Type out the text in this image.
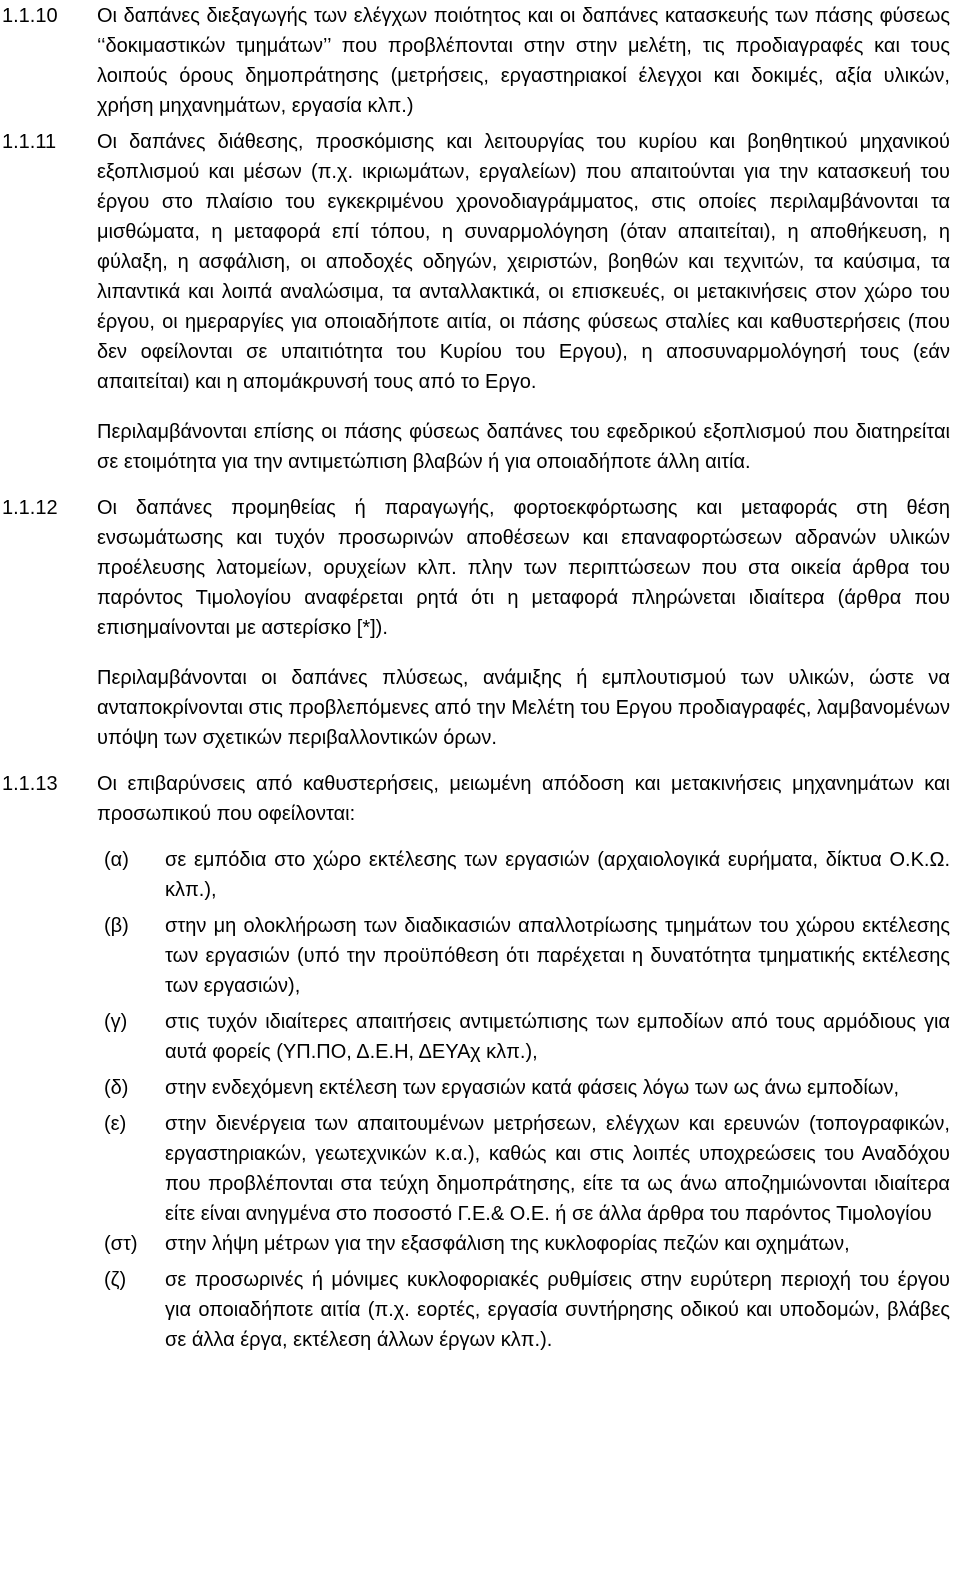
1.1.10 Οι δαπάνες διεξαγωγής των ελέγχων ποιότητος και οι δαπάνες κατασκευής των πάσης φύσεως ‘‘δοκιμαστικών τμημάτων’’ που προβλέπονται στην στην μελέτη, τις προδιαγραφές και τους λοιπούς όρους δημοπράτησης (μετρήσεις, εργαστηριακοί έλεγχοι και δοκιμές, αξία υλικών, χρήση μηχανημάτων, εργασία κλπ.)

1.1.11 Οι δαπάνες διάθεσης, προσκόμισης και λειτουργίας του κυρίου και βοηθητικού μηχανικού εξοπλισμού και μέσων (π.χ. ικριωμάτων, εργαλείων) που απαιτούνται για την κατασκευή του έργου στο πλαίσιο του εγκεκριμένου χρονοδιαγράμματος, στις οποίες περιλαμβάνονται τα μισθώματα, η μεταφορά επί τόπου, η συναρμολόγηση (όταν απαιτείται), η αποθήκευση, η φύλαξη, η ασφάλιση, οι αποδοχές οδηγών, χειριστών, βοηθών και τεχνιτών, τα καύσιμα, τα λιπαντικά και λοιπά αναλώσιμα, τα ανταλλακτικά, οι επισκευές, οι μετακινήσεις στον χώρο του έργου, οι ημεραργίες για οποιαδήποτε αιτία, οι πάσης φύσεως σταλίες και καθυστερήσεις (που δεν οφείλονται σε υπαιτιότητα του Κυρίου του Εργου), η αποσυναρμολόγησή τους (εάν απαιτείται) και η απομάκρυνσή τους από το Εργο.

Περιλαμβάνονται επίσης οι πάσης φύσεως δαπάνες του εφεδρικού εξοπλισμού που διατηρείται σε ετοιμότητα για την αντιμετώπιση βλαβών ή για οποιαδήποτε άλλη αιτία.

1.1.12 Οι δαπάνες προμηθείας ή παραγωγής, φορτοεκφόρτωσης και μεταφοράς στη θέση ενσωμάτωσης και τυχόν προσωρινών αποθέσεων και επαναφορτώσεων αδρανών υλικών προέλευσης λατομείων, ορυχείων κλπ. πλην των περιπτώσεων που στα οικεία άρθρα του παρόντος Τιμολογίου αναφέρεται ρητά ότι η μεταφορά πληρώνεται ιδιαίτερα (άρθρα που επισημαίνονται με αστερίσκο [*]).

Περιλαμβάνονται οι δαπάνες πλύσεως, ανάμιξης ή εμπλουτισμού των υλικών, ώστε να ανταποκρίνονται στις προβλεπόμενες από την Μελέτη του Εργου προδιαγραφές, λαμβανομένων υπόψη των σχετικών περιβαλλοντικών όρων.

1.1.13 Οι επιβαρύνσεις από καθυστερήσεις, μειωμένη απόδοση και μετακινήσεις μηχανημάτων και προσωπικού που οφείλονται:

(α) σε εμπόδια στο χώρο εκτέλεσης των εργασιών (αρχαιολογικά ευρήματα, δίκτυα Ο.Κ.Ω. κλπ.),

(β) στην μη ολοκλήρωση των διαδικασιών απαλλοτρίωσης τμημάτων του χώρου εκτέλεσης των εργασιών (υπό την προϋπόθεση ότι παρέχεται η δυνατότητα τμηματικής εκτέλεσης των εργασιών),

(γ) στις τυχόν ιδιαίτερες απαιτήσεις αντιμετώπισης των εμποδίων από τους αρμόδιους για αυτά φορείς (ΥΠ.ΠΟ, Δ.Ε.Η, ΔΕΥΑχ κλπ.),

(δ) στην ενδεχόμενη εκτέλεση των εργασιών κατά φάσεις λόγω των ως άνω εμποδίων,

(ε) στην διενέργεια των απαιτουμένων μετρήσεων, ελέγχων και ερευνών (τοπογραφικών, εργαστηριακών, γεωτεχνικών κ.α.), καθώς και στις λοιπές υποχρεώσεις του Αναδόχου που προβλέπονται στα τεύχη δημοπράτησης, είτε τα ως άνω αποζημιώνονται ιδιαίτερα είτε είναι ανηγμένα στο ποσοστό Γ.Ε.& Ο.Ε. ή σε άλλα άρθρα του παρόντος Τιμολογίου

(στ) στην λήψη μέτρων για την εξασφάλιση της κυκλοφορίας πεζών και οχημάτων,

(ζ) σε προσωρινές ή μόνιμες κυκλοφοριακές ρυθμίσεις στην ευρύτερη περιοχή του έργου για οποιαδήποτε αιτία (π.χ. εορτές, εργασία συντήρησης οδικού και υποδομών, βλάβες σε άλλα έργα, εκτέλεση άλλων έργων κλπ.).
